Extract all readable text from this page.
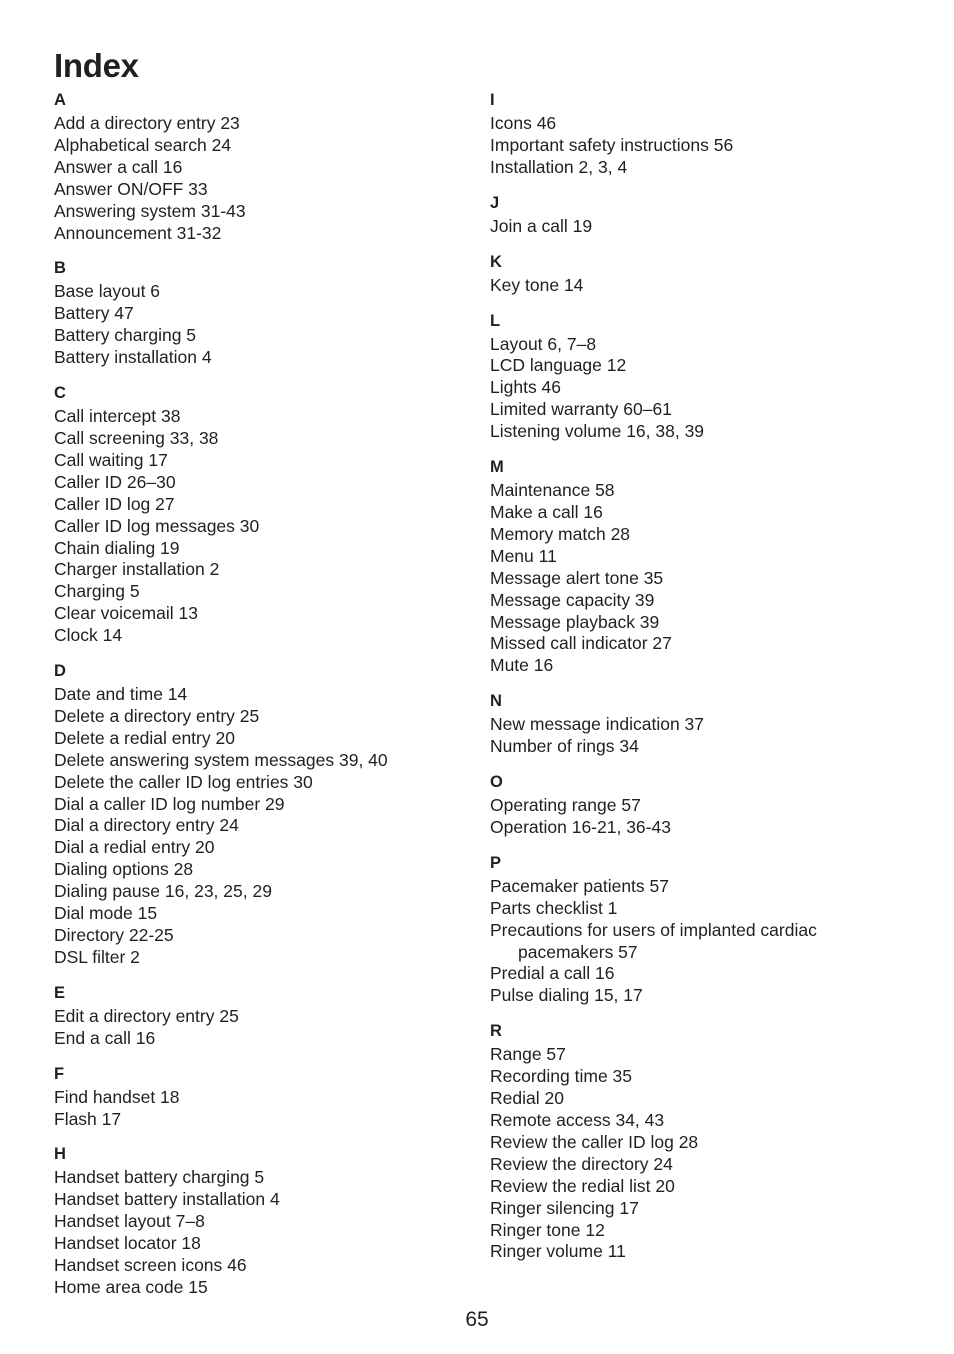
Index
A
Add a directory entry 23
Alphabetical search 24
Answer a call 16
Answer ON/OFF 33
Answering system 31-43
Announcement 31-32
B
Base layout 6
Battery 47
Battery charging 5
Battery installation 4
C
Call intercept 38
Call screening 33, 38
Call waiting 17
Caller ID 26–30
Caller ID log 27
Caller ID log messages 30
Chain dialing 19
Charger installation 2
Charging 5
Clear voicemail 13
Clock 14
D
Date and time 14
Delete a directory entry 25
Delete a redial entry 20
Delete answering system messages 39, 40
Delete the caller ID log entries 30
Dial a caller ID log number 29
Dial a directory entry 24
Dial a redial entry 20
Dialing options 28
Dialing pause 16, 23, 25, 29
Dial mode 15
Directory 22-25
DSL filter 2
E
Edit a directory entry 25
End a call 16
F
Find handset 18
Flash 17
H
Handset battery charging 5
Handset battery installation 4
Handset layout 7–8
Handset locator 18
Handset screen icons 46
Home area code 15
I
Icons 46
Important safety instructions 56
Installation 2, 3, 4
J
Join a call 19
K
Key tone 14
L
Layout 6, 7–8
LCD language 12
Lights 46
Limited warranty 60–61
Listening volume 16, 38, 39
M
Maintenance 58
Make a call 16
Memory match 28
Menu 11
Message alert tone 35
Message capacity 39
Message playback 39
Missed call indicator 27
Mute 16
N
New message indication 37
Number of rings 34
O
Operating range 57
Operation 16-21, 36-43
P
Pacemaker patients 57
Parts checklist 1
Precautions for users of implanted cardiac
pacemakers 57
Predial a call 16
Pulse dialing 15, 17
R
Range 57
Recording time 35
Redial 20
Remote access 34, 43
Review the caller ID log 28
Review the directory 24
Review the redial list 20
Ringer silencing 17
Ringer tone 12
Ringer volume 11
65
